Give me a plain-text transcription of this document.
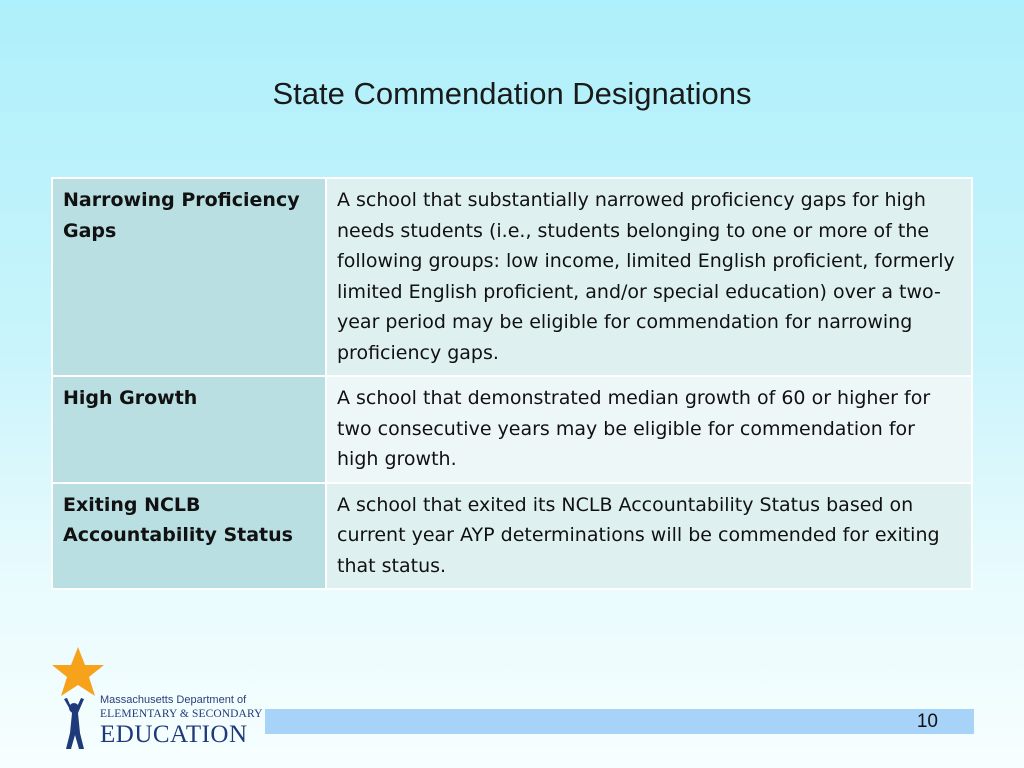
State Commendation Designations
Narrowing Proficiency Gaps	A school that substantially narrowed proficiency gaps for high needs students (i.e., students belonging to one or more of the following groups: low income, limited English proficient, formerly limited English proficient, and/or special education) over a two-year period may be eligible for commendation for narrowing proficiency gaps.
High Growth	A school that demonstrated median growth of 60 or higher for two consecutive years may be eligible for commendation for high growth.
Exiting NCLB Accountability Status	A school that exited its NCLB Accountability Status based on current year AYP determinations will be commended for exiting that status.
Massachusetts Department of
ELEMENTARY & SECONDARY
EDUCATION	10
